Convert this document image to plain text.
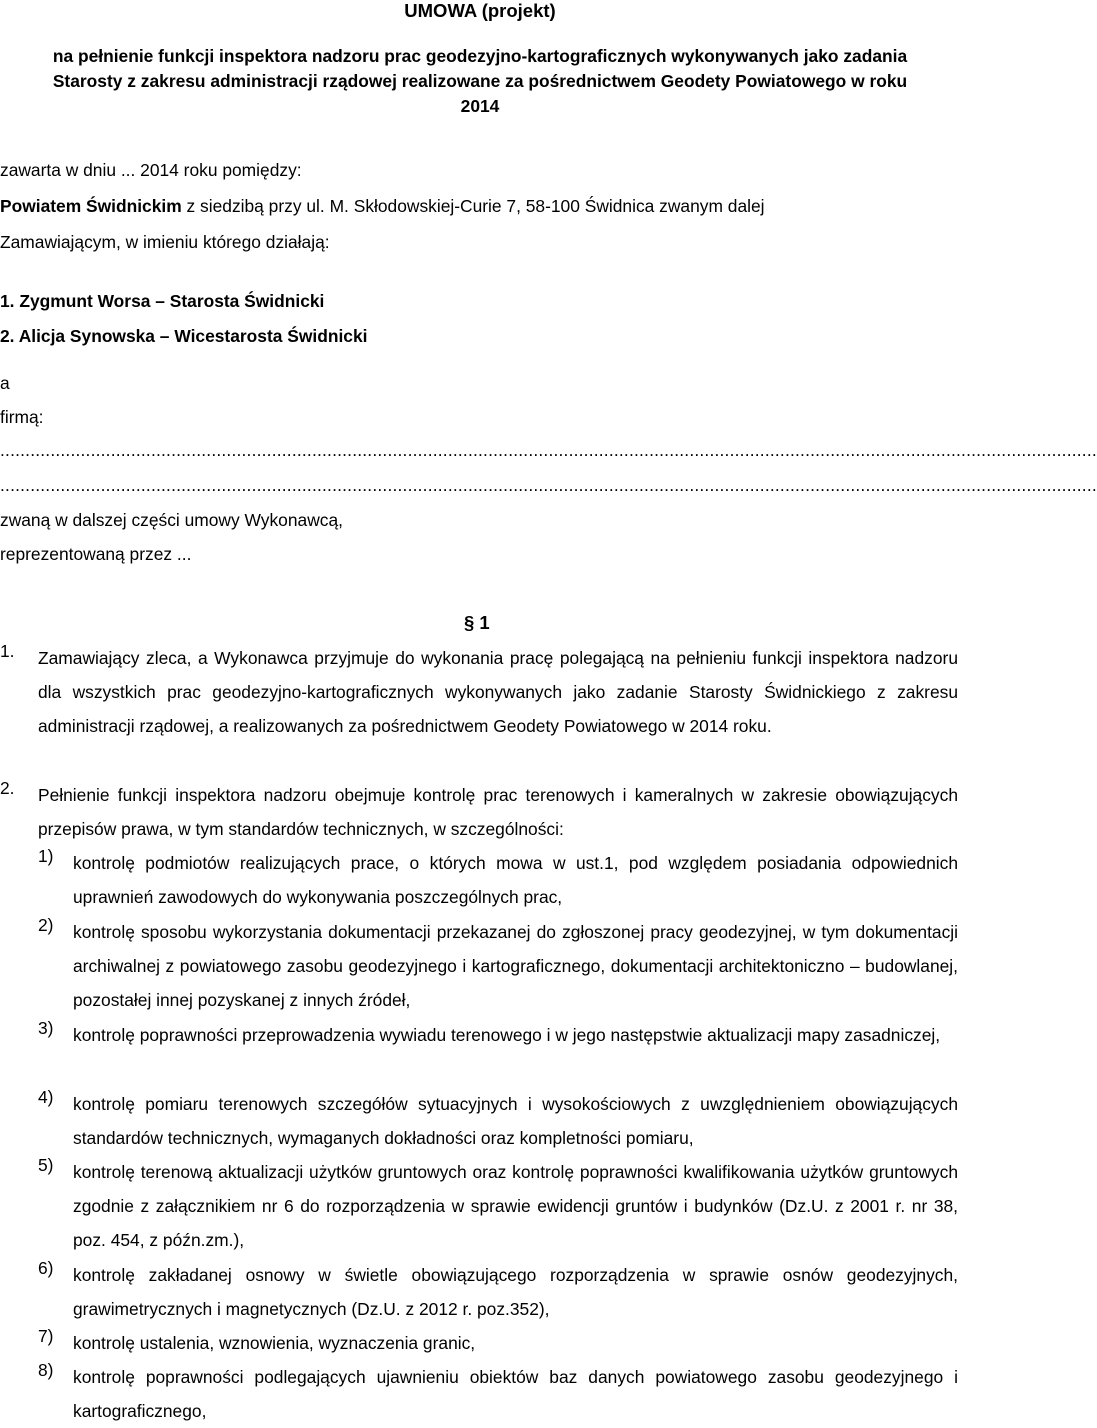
UMOWA (projekt)
na pełnienie funkcji inspektora nadzoru prac geodezyjno-kartograficznych wykonywanych jako zadania Starosty z zakresu administracji rządowej realizowane za pośrednictwem Geodety Powiatowego w roku 2014
zawarta w dniu ... 2014 roku pomiędzy:
Powiatem Świdnickim z siedzibą przy ul. M. Skłodowskiej-Curie 7, 58-100 Świdnica zwanym dalej
Zamawiającym, w imieniu którego działają:
1. Zygmunt Worsa – Starosta Świdnicki
2. Alicja Synowska – Wicestarosta Świdnicki
a
firmą:
..........................................................................................................................................................................................................................
..........................................................................................................................................................................................................................
zwaną w dalszej części umowy Wykonawcą,
reprezentowaną przez ...
§ 1
1. Zamawiający zleca, a Wykonawca przyjmuje do wykonania pracę polegającą na pełnieniu funkcji inspektora nadzoru dla wszystkich prac geodezyjno-kartograficznych wykonywanych jako zadanie Starosty Świdnickiego z zakresu administracji rządowej, a realizowanych za pośrednictwem Geodety Powiatowego w 2014 roku.
2. Pełnienie funkcji inspektora nadzoru obejmuje kontrolę prac terenowych i kameralnych w zakresie obowiązujących przepisów prawa, w tym standardów technicznych, w szczególności:
1) kontrolę podmiotów realizujących prace, o których mowa w ust.1, pod względem posiadania odpowiednich uprawnień zawodowych do wykonywania poszczególnych prac,
2) kontrolę sposobu wykorzystania dokumentacji przekazanej do zgłoszonej pracy geodezyjnej, w tym dokumentacji archiwalnej z powiatowego zasobu geodezyjnego i kartograficznego, dokumentacji architektoniczno – budowlanej, pozostałej innej pozyskanej z innych źródeł,
3) kontrolę poprawności przeprowadzenia wywiadu terenowego i w jego następstwie aktualizacji mapy zasadniczej,
4) kontrolę pomiaru terenowych szczegółów sytuacyjnych i wysokościowych z uwzględnieniem obowiązujących standardów technicznych, wymaganych dokładności oraz kompletności pomiaru,
5) kontrolę terenową aktualizacji użytków gruntowych oraz kontrolę poprawności kwalifikowania użytków gruntowych zgodnie z załącznikiem nr 6 do rozporządzenia w sprawie ewidencji gruntów i budynków (Dz.U. z 2001 r. nr 38, poz. 454, z późn.zm.),
6) kontrolę zakładanej osnowy w świetle obowiązującego rozporządzenia w sprawie osnów geodezyjnych, grawimetrycznych i magnetycznych (Dz.U. z 2012 r. poz.352),
7) kontrolę ustalenia, wznowienia, wyznaczenia granic,
8) kontrolę poprawności podlegających ujawnieniu obiektów baz danych powiatowego zasobu geodezyjnego i kartograficznego,
